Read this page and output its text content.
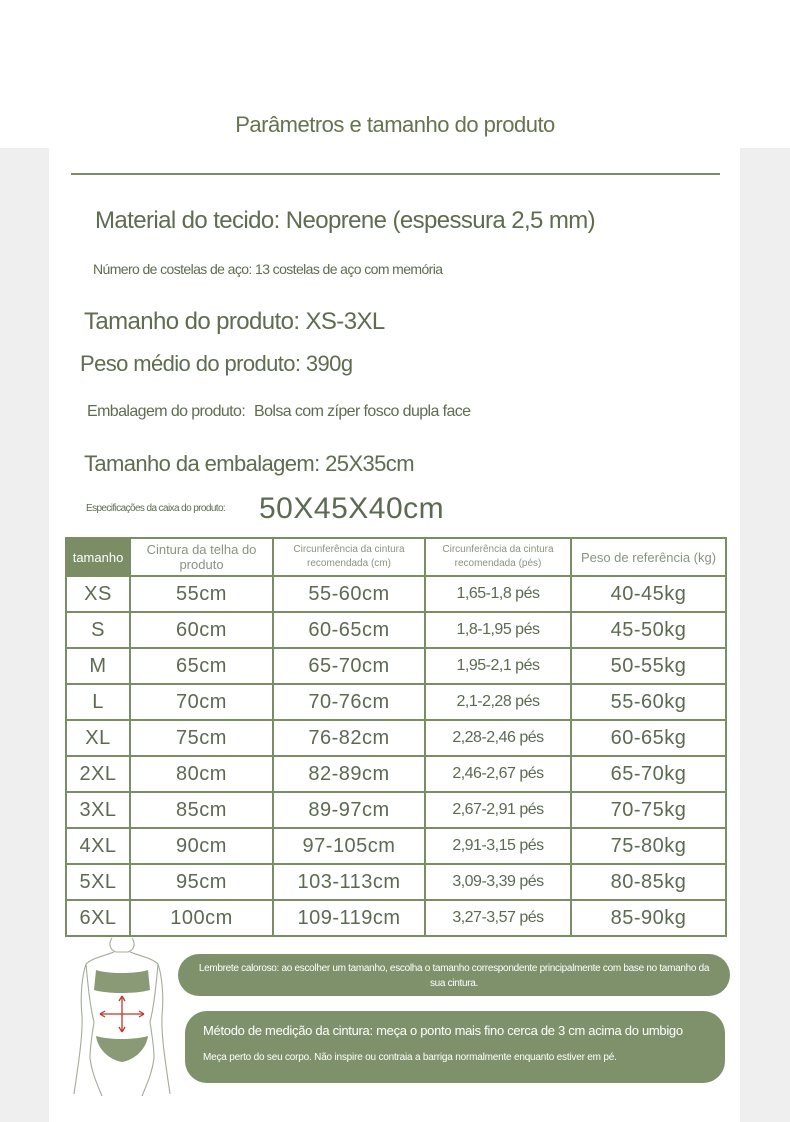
Parâmetros e tamanho do produto
Material do tecido: Neoprene (espessura 2,5 mm)
Número de costelas de aço: 13 costelas de aço com memória
Tamanho do produto: XS-3XL
Peso médio do produto: 390g
Embalagem do produto: Bolsa com zíper fosco dupla face
Tamanho da embalagem: 25X35cm
Especificações da caixa do produto: 50X45X40cm
tamanho	Cintura da telha do produto	Circunferência da cintura recomendada (cm)	Circunferência da cintura recomendada (pés)	Peso de referência (kg)
XS	55cm	55-60cm	1,65-1,8 pés	40-45kg
S	60cm	60-65cm	1,8-1,95 pés	45-50kg
M	65cm	65-70cm	1,95-2,1 pés	50-55kg
L	70cm	70-76cm	2,1-2,28 pés	55-60kg
XL	75cm	76-82cm	2,28-2,46 pés	60-65kg
2XL	80cm	82-89cm	2,46-2,67 pés	65-70kg
3XL	85cm	89-97cm	2,67-2,91 pés	70-75kg
4XL	90cm	97-105cm	2,91-3,15 pés	75-80kg
5XL	95cm	103-113cm	3,09-3,39 pés	80-85kg
6XL	100cm	109-119cm	3,27-3,57 pés	85-90kg
Lembrete caloroso: ao escolher um tamanho, escolha o tamanho correspondente principalmente com base no tamanho da sua cintura.
Método de medição da cintura: meça o ponto mais fino cerca de 3 cm acima do umbigo
Meça perto do seu corpo. Não inspire ou contraia a barriga normalmente enquanto estiver em pé.
